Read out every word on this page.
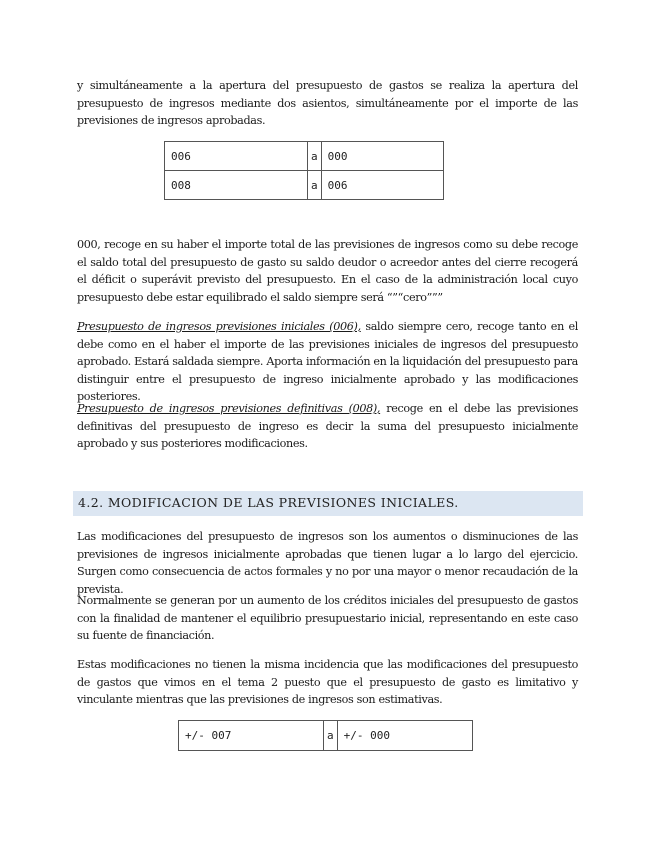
y simultáneamente a la apertura del presupuesto de gastos se realiza la apertura del presupuesto de ingresos mediante dos asientos, simultáneamente por el importe de las previsiones de ingresos aprobadas.

006	a	000
008	a	006

000, recoge en su haber el importe total de las previsiones de ingresos como su debe recoge el saldo total del presupuesto de gasto su saldo deudor o acreedor antes del cierre recogerá el déficit o superávit previsto del presupuesto. En el caso de la administración local cuyo presupuesto debe estar equilibrado el saldo siempre será “”“cero”””

Presupuesto de ingresos previsiones iniciales (006), saldo siempre cero, recoge tanto en el debe como en el haber el importe de las previsiones iniciales de ingresos del presupuesto aprobado. Estará saldada siempre. Aporta información en la liquidación del presupuesto para distinguir entre el presupuesto de ingreso inicialmente aprobado y las modificaciones posteriores.

Presupuesto de ingresos previsiones definitivas (008), recoge en el debe las previsiones definitivas del presupuesto de ingreso es decir la suma del presupuesto inicialmente aprobado y sus posteriores modificaciones.

4.2. MODIFICACION DE LAS PREVISIONES INICIALES.

Las modificaciones del presupuesto de ingresos son los aumentos o disminuciones de las previsiones de ingresos inicialmente aprobadas que tienen lugar a lo largo del ejercicio. Surgen como consecuencia de actos formales y no por una mayor o menor recaudación de la prevista.

Normalmente se generan por un aumento de los créditos iniciales del presupuesto de gastos con la finalidad de mantener el equilibrio presupuestario inicial, representando en este caso su fuente de financiación.

Estas modificaciones no tienen la misma incidencia que las modificaciones del presupuesto de gastos que vimos en el tema 2 puesto que el presupuesto de gasto es limitativo y vinculante mientras que las previsiones de ingresos son estimativas.

+/- 007	a	+/- 000
